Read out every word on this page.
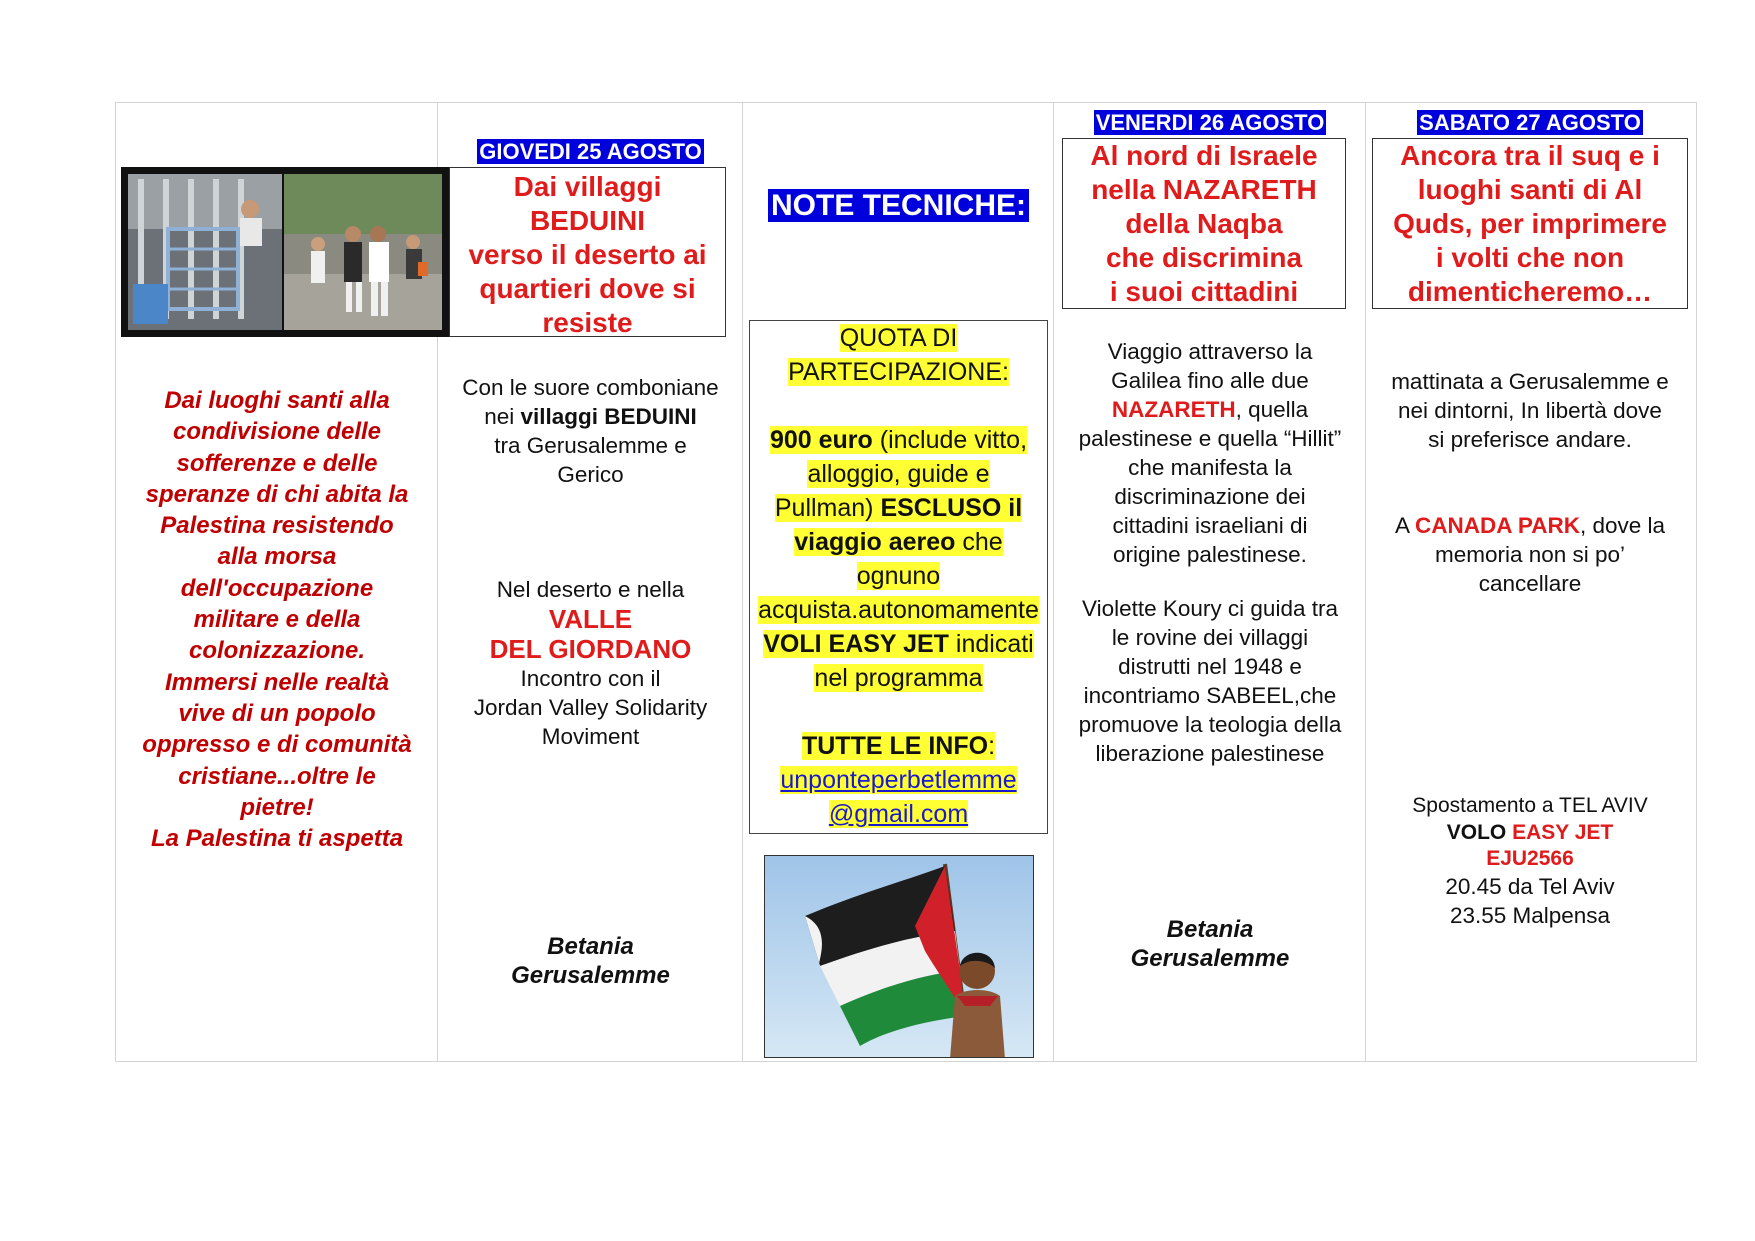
Dai luoghi santi alla
condivisione delle
sofferenze e delle
speranze di chi abita la
Palestina resistendo
alla morsa
dell'occupazione
militare e della
colonizzazione.
Immersi nelle realtà
vive di un popolo
oppresso e di comunità
cristiane...oltre le
pietre!
La Palestina ti aspetta
GIOVEDI 25 AGOSTO
Dai villaggi
BEDUINI
verso il deserto ai
quartieri dove si
resiste
Con le suore comboniane
nei villaggi BEDUINI
tra Gerusalemme e
Gerico
Nel deserto e nella
VALLE
DEL GIORDANO
Incontro con il
Jordan Valley Solidarity
Moviment
Betania
Gerusalemme
NOTE TECNICHE:
QUOTA DI
PARTECIPAZIONE:
900 euro (include vitto,
alloggio, guide e
Pullman) ESCLUSO il
viaggio aereo che
ognuno
acquista.autonomamente
VOLI EASY JET indicati
nel programma
TUTTE LE INFO:
unponteperbetlemme
@gmail.com
VENERDI 26 AGOSTO
Al nord di Israele
nella NAZARETH
della Naqba
che discrimina
i suoi cittadini
Viaggio attraverso la
Galilea fino alle due
NAZARETH, quella
palestinese e quella “Hillit”
che manifesta la
discriminazione dei
cittadini israeliani di
origine palestinese.
Violette Koury ci guida tra
le rovine dei villaggi
distrutti nel 1948 e
incontriamo SABEEL,che
promuove la teologia della
liberazione palestinese
Betania
Gerusalemme
SABATO 27 AGOSTO
Ancora tra il suq e i
luoghi santi di Al
Quds, per imprimere
i volti che non
dimenticheremo…
mattinata a Gerusalemme e
nei dintorni, In libertà dove
si preferisce andare.
A CANADA PARK, dove la
memoria non si po’
cancellare
Spostamento a TEL AVIV
VOLO EASY JET
EJU2566
20.45 da Tel Aviv
23.55 Malpensa
